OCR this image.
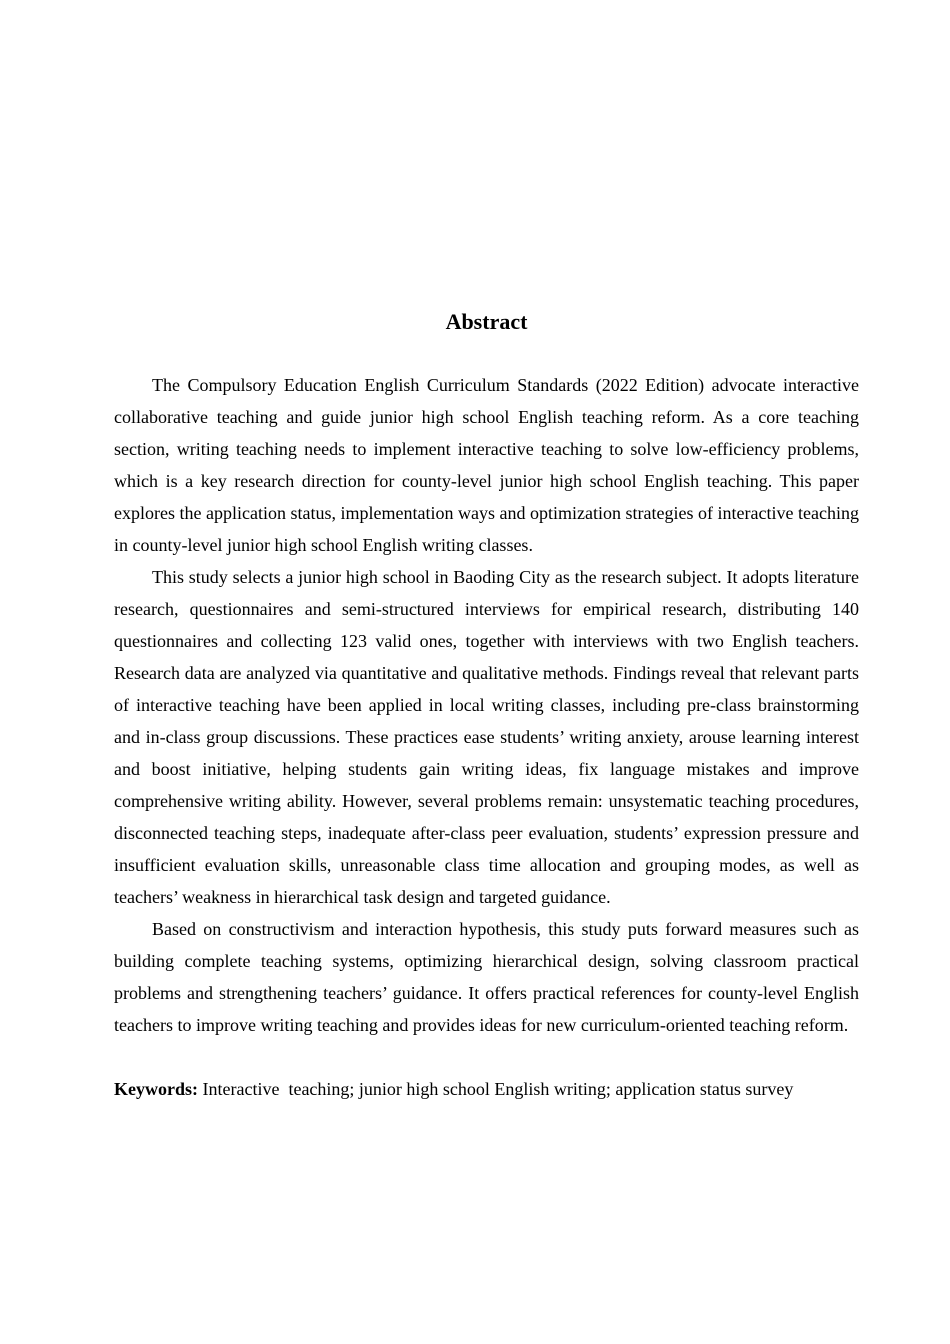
Abstract

The Compulsory Education English Curriculum Standards (2022 Edition) advocate interactive collaborative teaching and guide junior high school English teaching reform. As a core teaching section, writing teaching needs to implement interactive teaching to solve low-efficiency problems, which is a key research direction for county-level junior high school English teaching. This paper explores the application status, implementation ways and optimization strategies of interactive teaching in county-level junior high school English writing classes.

This study selects a junior high school in Baoding City as the research subject. It adopts literature research, questionnaires and semi-structured interviews for empirical research, distributing 140 questionnaires and collecting 123 valid ones, together with interviews with two English teachers. Research data are analyzed via quantitative and qualitative methods. Findings reveal that relevant parts of interactive teaching have been applied in local writing classes, including pre-class brainstorming and in-class group discussions. These practices ease students’ writing anxiety, arouse learning interest and boost initiative, helping students gain writing ideas, fix language mistakes and improve comprehensive writing ability. However, several problems remain: unsystematic teaching procedures, disconnected teaching steps, inadequate after-class peer evaluation, students’ expression pressure and insufficient evaluation skills, unreasonable class time allocation and grouping modes, as well as teachers’ weakness in hierarchical task design and targeted guidance.

Based on constructivism and interaction hypothesis, this study puts forward measures such as building complete teaching systems, optimizing hierarchical design, solving classroom practical problems and strengthening teachers’ guidance. It offers practical references for county-level English teachers to improve writing teaching and provides ideas for new curriculum-oriented teaching reform.

Keywords: Interactive  teaching; junior high school English writing; application status survey
